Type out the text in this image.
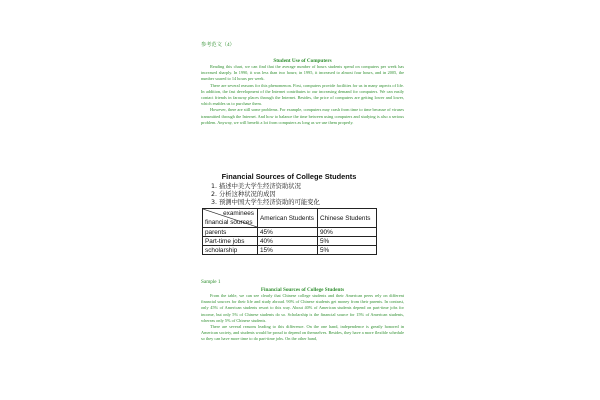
参考范文（4）
Student Use of Computers

Reading this chart, we can find that the average number of hours students spend on computers per week has increased sharply. In 1990, it was less than two hours; in 1995, it increased to almost four hours, and in 2005, the number soared to 14 hours per week.

There are several reasons for this phenomenon. First, computers provide facilities for us in many aspects of life. In addition, the fast development of the Internet contributes to our increasing demand for computers. We can easily contact friends in faraway places through the Internet. Besides, the price of computers are getting lower and lower, which enables us to purchase them.

However, there are still some problems. For example, computers may crash from time to time because of viruses transmitted through the Internet. And how to balance the time between using computers and studying is also a serious problem. Anyway, we will benefit a lot from computers as long as we use them properly.

Financial Sources of College Students
1. 描述中美大学生经济资助状况
2. 分析这种状况的成因
3. 预测中国大学生经济资助的可能变化
examinees
financial sources	American Students	Chinese Students
parents	45%	90%
Part-time jobs	40%	5%
scholarship	15%	5%
Sample 1
Financial Sources of College Students

From the table, we can see clearly that Chinese college students and their American peers rely on different financial sources for their life and study abroad. 90% of Chinese students get money from their parents. In contrast, only 45% of American students resort to this way. About 40% of American students depend on part-time jobs for income, but only 5% of Chinese students do so. Scholarship is the financial source for 15% of American students, whereas only 5% of Chinese students.

There are several reasons leading to this difference. On the one hand, independence is greatly honored in American society, and students would be proud to depend on themselves. Besides, they have a more flexible schedule so they can have more time to do part-time jobs. On the other hand,
